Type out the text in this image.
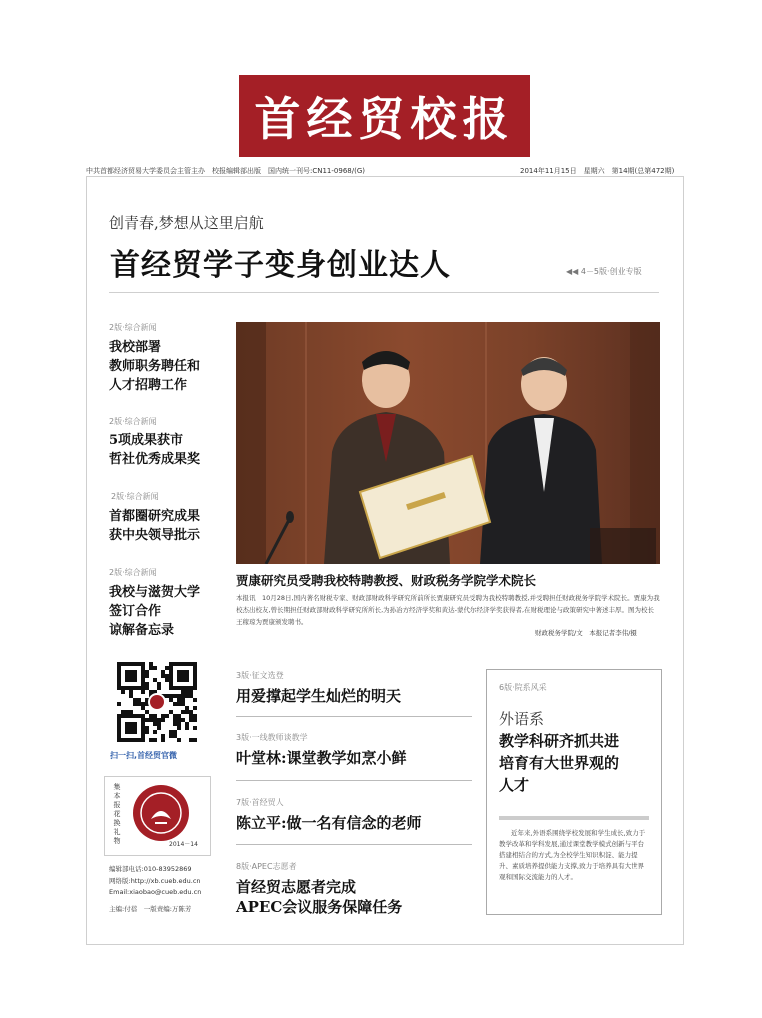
首经贸校报
中共首都经济贸易大学委员会主管主办　校报编辑部出版　国内统一刊号:CN11-0968/(G)	2014年11月15日　星期六　第14期(总第472期)
创青春,梦想从这里启航
首经贸学子变身创业达人	◀◀ 4－5版·创业专版
2版·综合新闻
我校部署
教师职务聘任和
人才招聘工作
2版·综合新闻
5项成果获市
哲社优秀成果奖
2版·综合新闻
首都圈研究成果
获中央领导批示
2版·综合新闻
我校与滋贺大学
签订合作
谅解备忘录
贾康研究员受聘我校特聘教授、财政税务学院学术院长
本报讯　10月28日,国内著名财税专家、财政部财政科学研究所前所长贾康研究员受聘为我校特聘教授,并受聘担任财政税务学院学术院长。贾康为我校杰出校友,曾长期担任财政部财政科学研究所所长,为孙冶方经济学奖和黄达-蒙代尔经济学奖获得者,在财税理论与政策研究中著述丰厚。图为校长王稼琼为贾康颁发聘书。
财政税务学院/文　本报记者李伟/摄
扫一扫,首经贸官微
集 本 报 花 换 礼 物	2014－14
编辑部电话:010-83952869
网络版:http://xb.cueb.edu.cn
Email:xiaobao@cueb.edu.cn
主编:付蓓　一版责编:万陈芳
3版·征文选登
用爱撑起学生灿烂的明天
3版·一线教师谈教学
叶堂林:课堂教学如烹小鲜
7版·首经贸人
陈立平:做一名有信念的老师
8版·APEC志愿者
首经贸志愿者完成
APEC会议服务保障任务
6版·院系风采
外语系
教学科研齐抓共进
培育有大世界观的
人才
近年来,外语系围绕学校发展和学生成长,致力于教学改革和学科发展,通过课堂教学模式创新与平台搭建相结合的方式,为全校学生知识积淀、能力提升、素质培养提供能力支撑,致力于培养具有大世界观和国际交流能力的人才。
